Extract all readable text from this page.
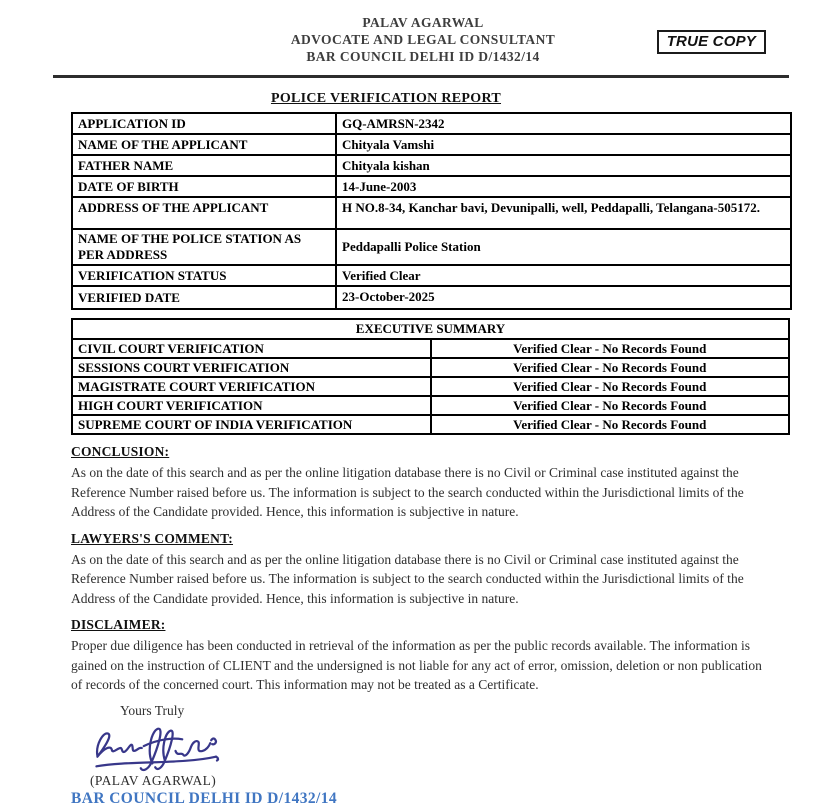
TRUE COPY
PALAV AGARWAL
ADVOCATE AND LEGAL CONSULTANT
BAR COUNCIL DELHI ID D/1432/14
POLICE VERIFICATION REPORT
APPLICATION ID	GQ-AMRSN-2342
NAME OF THE APPLICANT	Chityala Vamshi
FATHER NAME	Chityala kishan
DATE OF BIRTH	14-June-2003
ADDRESS OF THE APPLICANT	H NO.8-34, Kanchar bavi, Devunipalli, well, Peddapalli, Telangana-505172.
NAME OF THE POLICE STATION AS PER ADDRESS	Peddapalli Police Station
VERIFICATION STATUS	Verified Clear
VERIFIED DATE	23-October-2025
EXECUTIVE SUMMARY	
CIVIL COURT VERIFICATION	Verified Clear - No Records Found
SESSIONS COURT VERIFICATION	Verified Clear - No Records Found
MAGISTRATE COURT VERIFICATION	Verified Clear - No Records Found
HIGH COURT VERIFICATION	Verified Clear - No Records Found
SUPREME COURT OF INDIA VERIFICATION	Verified Clear - No Records Found
CONCLUSION:

As on the date of this search and as per the online litigation database there is no Civil or Criminal case instituted against the Reference Number raised before us. The information is subject to the search conducted within the Jurisdictional limits of the Address of the Candidate provided. Hence, this information is subjective in nature.

LAWYERS'S COMMENT:

As on the date of this search and as per the online litigation database there is no Civil or Criminal case instituted against the Reference Number raised before us. The information is subject to the search conducted within the Jurisdictional limits of the Address of the Candidate provided. Hence, this information is subjective in nature.

DISCLAIMER:

Proper due diligence has been conducted in retrieval of the information as per the public records available. The information is gained on the instruction of CLIENT and the undersigned is not liable for any act of error, omission, deletion or non publication of records of the concerned court. This information may not be treated as a Certificate.

Yours Truly
(PALAV AGARWAL)
BAR COUNCIL DELHI ID D/1432/14
